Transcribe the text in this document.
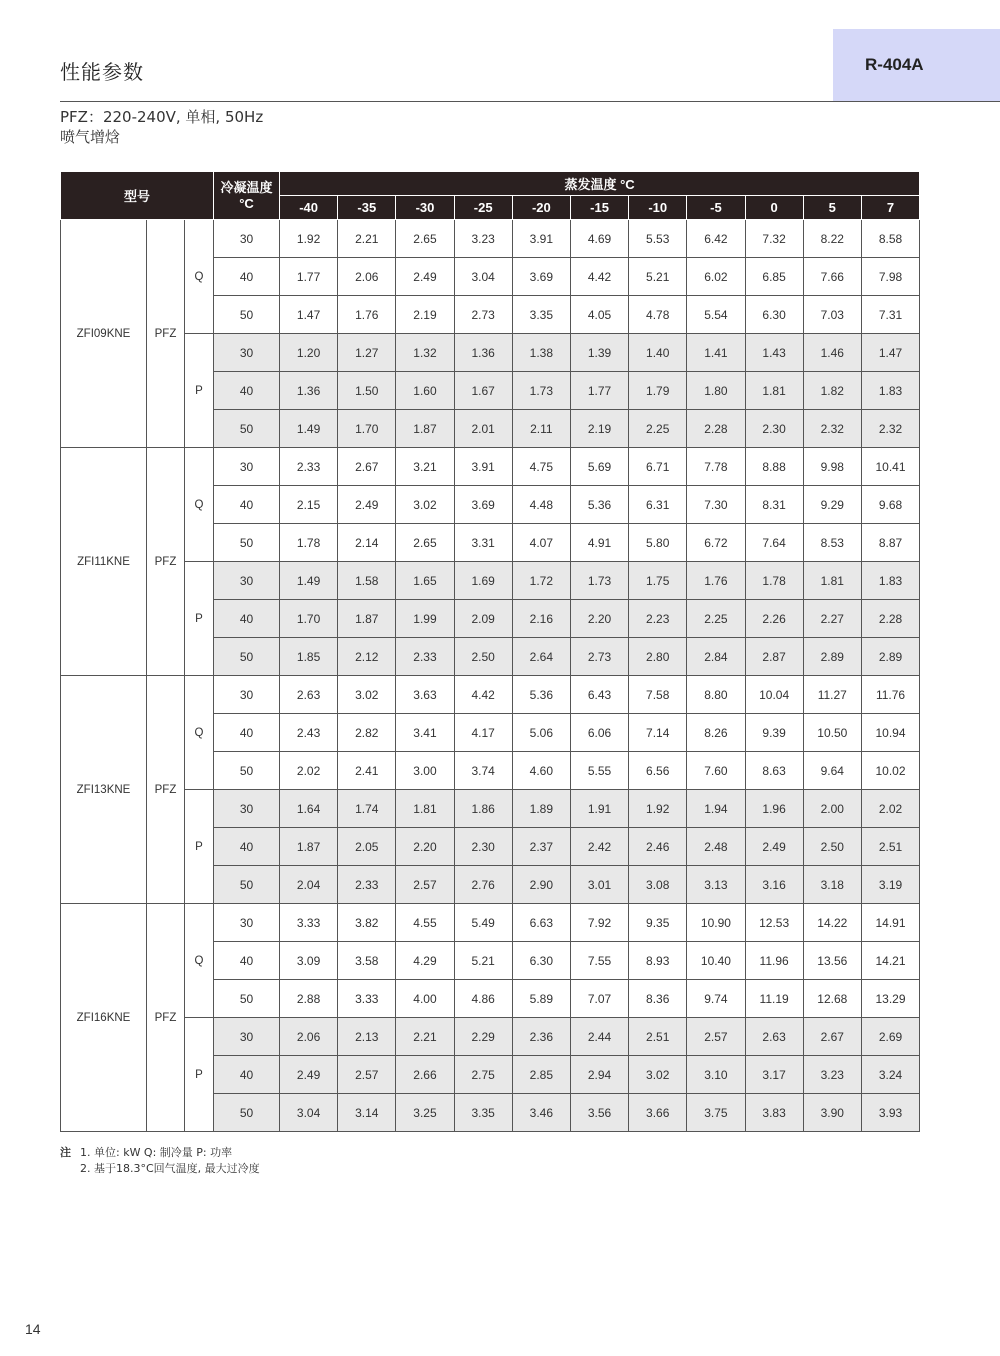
性能参数	R-404A
PFZ：220-240V, 单相, 50Hz
喷气增焓
型号			冷凝温度 °C	蒸发温度 °C										
				-40	-35	-30	-25	-20	-15	-10	-5	0	5	7
ZFI09KNE	PFZ	Q	30	1.92	2.21	2.65	3.23	3.91	4.69	5.53	6.42	7.32	8.22	8.58
			40	1.77	2.06	2.49	3.04	3.69	4.42	5.21	6.02	6.85	7.66	7.98
			50	1.47	1.76	2.19	2.73	3.35	4.05	4.78	5.54	6.30	7.03	7.31
		P	30	1.20	1.27	1.32	1.36	1.38	1.39	1.40	1.41	1.43	1.46	1.47
			40	1.36	1.50	1.60	1.67	1.73	1.77	1.79	1.80	1.81	1.82	1.83
			50	1.49	1.70	1.87	2.01	2.11	2.19	2.25	2.28	2.30	2.32	2.32
ZFI11KNE	PFZ	Q	30	2.33	2.67	3.21	3.91	4.75	5.69	6.71	7.78	8.88	9.98	10.41
			40	2.15	2.49	3.02	3.69	4.48	5.36	6.31	7.30	8.31	9.29	9.68
			50	1.78	2.14	2.65	3.31	4.07	4.91	5.80	6.72	7.64	8.53	8.87
		P	30	1.49	1.58	1.65	1.69	1.72	1.73	1.75	1.76	1.78	1.81	1.83
			40	1.70	1.87	1.99	2.09	2.16	2.20	2.23	2.25	2.26	2.27	2.28
			50	1.85	2.12	2.33	2.50	2.64	2.73	2.80	2.84	2.87	2.89	2.89
ZFI13KNE	PFZ	Q	30	2.63	3.02	3.63	4.42	5.36	6.43	7.58	8.80	10.04	11.27	11.76
			40	2.43	2.82	3.41	4.17	5.06	6.06	7.14	8.26	9.39	10.50	10.94
			50	2.02	2.41	3.00	3.74	4.60	5.55	6.56	7.60	8.63	9.64	10.02
		P	30	1.64	1.74	1.81	1.86	1.89	1.91	1.92	1.94	1.96	2.00	2.02
			40	1.87	2.05	2.20	2.30	2.37	2.42	2.46	2.48	2.49	2.50	2.51
			50	2.04	2.33	2.57	2.76	2.90	3.01	3.08	3.13	3.16	3.18	3.19
ZFI16KNE	PFZ	Q	30	3.33	3.82	4.55	5.49	6.63	7.92	9.35	10.90	12.53	14.22	14.91
			40	3.09	3.58	4.29	5.21	6.30	7.55	8.93	10.40	11.96	13.56	14.21
			50	2.88	3.33	4.00	4.86	5.89	7.07	8.36	9.74	11.19	12.68	13.29
		P	30	2.06	2.13	2.21	2.29	2.36	2.44	2.51	2.57	2.63	2.67	2.69
			40	2.49	2.57	2.66	2.75	2.85	2.94	3.02	3.10	3.17	3.23	3.24
			50	3.04	3.14	3.25	3.35	3.46	3.56	3.66	3.75	3.83	3.90	3.93
注 1. 单位: kW Q: 制冷量 P: 功率
2. 基于18.3°C回气温度, 最大过冷度
14
